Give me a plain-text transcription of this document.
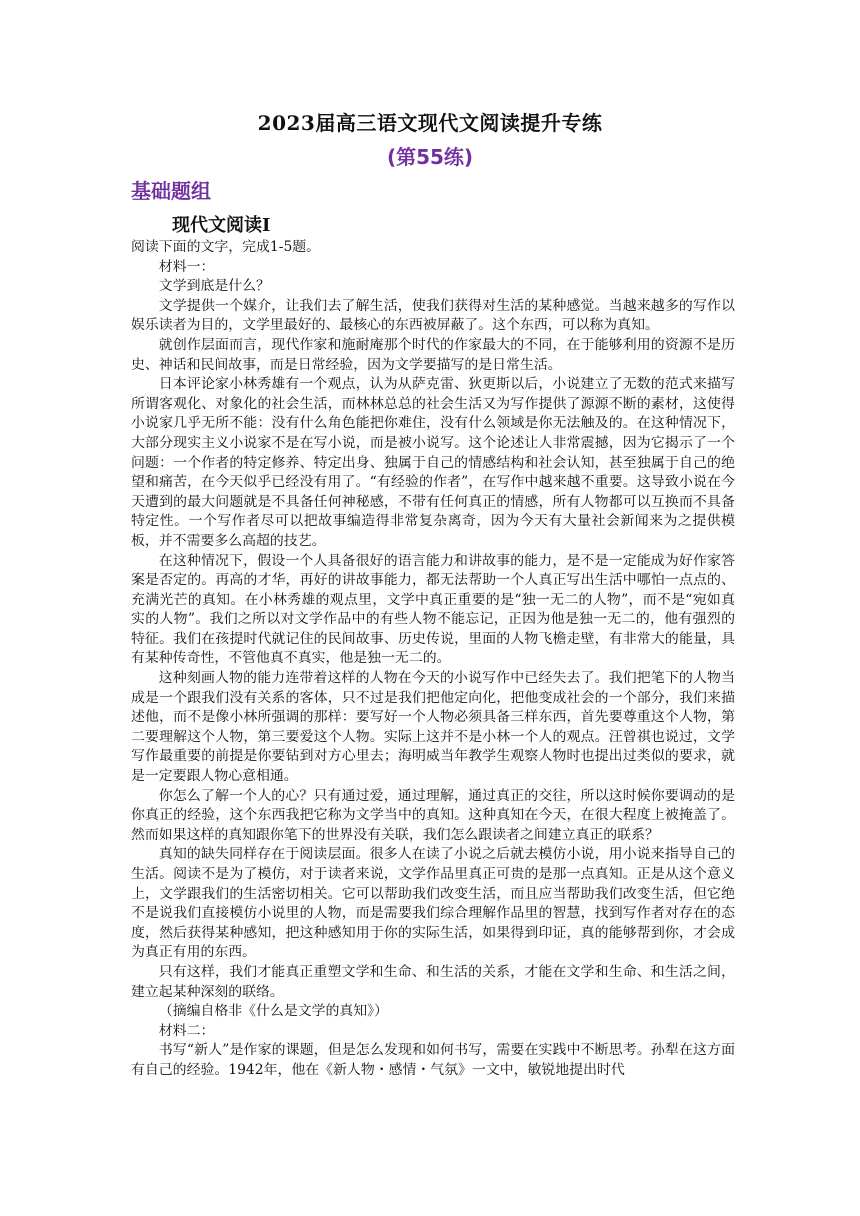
2023届高三语文现代文阅读提升专练
(第55练)
基础题组
现代文阅读Ⅰ

阅读下面的文字，完成1-5题。

材料一：

文学到底是什么？

文学提供一个媒介，让我们去了解生活，使我们获得对生活的某种感觉。当越来越多的写作以娱乐读者为目的，文学里最好的、最核心的东西被屏蔽了。这个东西，可以称为真知。

就创作层面而言，现代作家和施耐庵那个时代的作家最大的不同，在于能够利用的资源不是历史、神话和民间故事，而是日常经验，因为文学要描写的是日常生活。

日本评论家小林秀雄有一个观点，认为从萨克雷、狄更斯以后，小说建立了无数的范式来描写所谓客观化、对象化的社会生活，而林林总总的社会生活又为写作提供了源源不断的素材，这使得小说家几乎无所不能：没有什么角色能把你难住，没有什么领域是你无法触及的。在这种情况下，大部分现实主义小说家不是在写小说，而是被小说写。这个论述让人非常震撼，因为它揭示了一个问题：一个作者的特定修养、特定出身、独属于自己的情感结构和社会认知，甚至独属于自己的绝望和痛苦，在今天似乎已经没有用了。“有经验的作者”，在写作中越来越不重要。这导致小说在今天遭到的最大问题就是不具备任何神秘感，不带有任何真正的情感，所有人物都可以互换而不具备特定性。一个写作者尽可以把故事编造得非常复杂离奇，因为今天有大量社会新闻来为之提供模板，并不需要多么高超的技艺。

在这种情况下，假设一个人具备很好的语言能力和讲故事的能力，是不是一定能成为好作家答案是否定的。再高的才华，再好的讲故事能力，都无法帮助一个人真正写出生活中哪怕一点点的、充满光芒的真知。在小林秀雄的观点里，文学中真正重要的是“独一无二的人物”，而不是“宛如真实的人物”。我们之所以对文学作品中的有些人物不能忘记，正因为他是独一无二的，他有强烈的特征。我们在孩提时代就记住的民间故事、历史传说，里面的人物飞檐走壁，有非常大的能量，具有某种传奇性，不管他真不真实，他是独一无二的。

这种刻画人物的能力连带着这样的人物在今天的小说写作中已经失去了。我们把笔下的人物当成是一个跟我们没有关系的客体，只不过是我们把他定向化，把他变成社会的一个部分，我们来描述他，而不是像小林所强调的那样：要写好一个人物必须具备三样东西，首先要尊重这个人物，第二要理解这个人物，第三要爱这个人物。实际上这并不是小林一个人的观点。汪曾祺也说过，文学写作最重要的前提是你要钻到对方心里去；海明威当年教学生观察人物时也提出过类似的要求，就是一定要跟人物心意相通。

你怎么了解一个人的心？只有通过爱，通过理解，通过真正的交往，所以这时候你要调动的是你真正的经验，这个东西我把它称为文学当中的真知。这种真知在今天，在很大程度上被掩盖了。然而如果这样的真知跟你笔下的世界没有关联，我们怎么跟读者之间建立真正的联系？

真知的缺失同样存在于阅读层面。很多人在读了小说之后就去模仿小说，用小说来指导自己的生活。阅读不是为了模仿，对于读者来说，文学作品里真正可贵的是那一点真知。正是从这个意义上，文学跟我们的生活密切相关。它可以帮助我们改变生活，而且应当帮助我们改变生活，但它绝不是说我们直接模仿小说里的人物，而是需要我们综合理解作品里的智慧，找到写作者对存在的态度，然后获得某种感知，把这种感知用于你的实际生活，如果得到印证，真的能够帮到你，才会成为真正有用的东西。

只有这样，我们才能真正重塑文学和生命、和生活的关系，才能在文学和生命、和生活之间，建立起某种深刻的联络。

（摘编自格非《什么是文学的真知》）

材料二：

书写“新人”是作家的课题，但是怎么发现和如何书写，需要在实践中不断思考。孙犁在这方面有自己的经验。1942年，他在《新人物・感情・气氛》一文中，敏锐地提出时代
